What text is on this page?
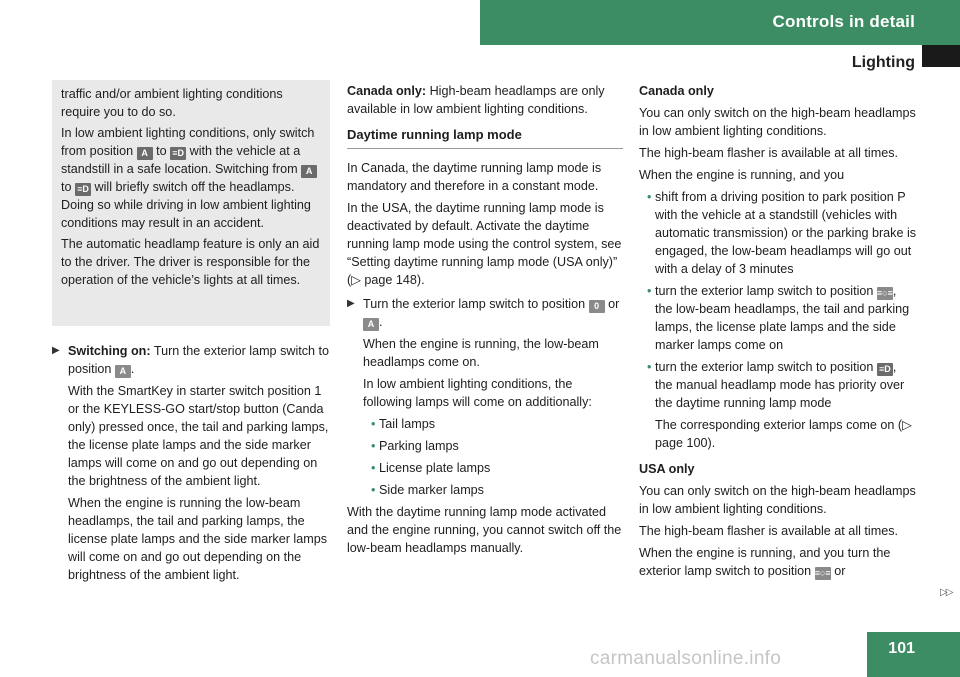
Controls in detail
Lighting

traffic and/or ambient lighting conditions require you to do so.

In low ambient lighting conditions, only switch from position A to ≡D with the vehicle at a standstill in a safe location. Switching from A to ≡D will briefly switch off the headlamps. Doing so while driving in low ambient lighting conditions may result in an accident.

The automatic headlamp feature is only an aid to the driver. The driver is responsible for the operation of the vehicle’s lights at all times.

▶ Switching on: Turn the exterior lamp switch to position A .

With the SmartKey in starter switch position 1 or the KEYLESS-GO start/stop button (Canda only) pressed once, the tail and parking lamps, the license plate lamps and the side marker lamps will come on and go out depending on the brightness of the ambient light.

When the engine is running the low-beam headlamps, the tail and parking lamps, the license plate lamps and the side marker lamps will come on and go out depending on the brightness of the ambient light.

Canada only: High-beam headlamps are only available in low ambient lighting conditions.

Daytime running lamp mode

In Canada, the daytime running lamp mode is mandatory and therefore in a constant mode.

In the USA, the daytime running lamp mode is deactivated by default. Activate the daytime running lamp mode using the control system, see “Setting daytime running lamp mode (USA only)” (▷ page 148).

▶ Turn the exterior lamp switch to position 0 or A .

When the engine is running, the low-beam headlamps come on.

In low ambient lighting conditions, the following lamps will come on additionally:

• Tail lamps
• Parking lamps
• License plate lamps
• Side marker lamps

With the daytime running lamp mode activated and the engine running, you cannot switch off the low-beam headlamps manually.

Canada only

You can only switch on the high-beam headlamps in low ambient lighting conditions.

The high-beam flasher is available at all times.

When the engine is running, and you

• shift from a driving position to park position P with the vehicle at a standstill (vehicles with automatic transmission) or the parking brake is engaged, the low-beam headlamps will go out with a delay of 3 minutes
• turn the exterior lamp switch to position ≡○≡, the low-beam headlamps, the tail and parking lamps, the license plate lamps and the side marker lamps come on
• turn the exterior lamp switch to position ≡D , the manual headlamp mode has priority over the daytime running lamp mode

The corresponding exterior lamps come on (▷ page 100).

USA only

You can only switch on the high-beam headlamps in low ambient lighting conditions.

The high-beam flasher is available at all times.

When the engine is running, and you turn the exterior lamp switch to position ≡○≡ or

▷▷
101
carmanualsonline.info
